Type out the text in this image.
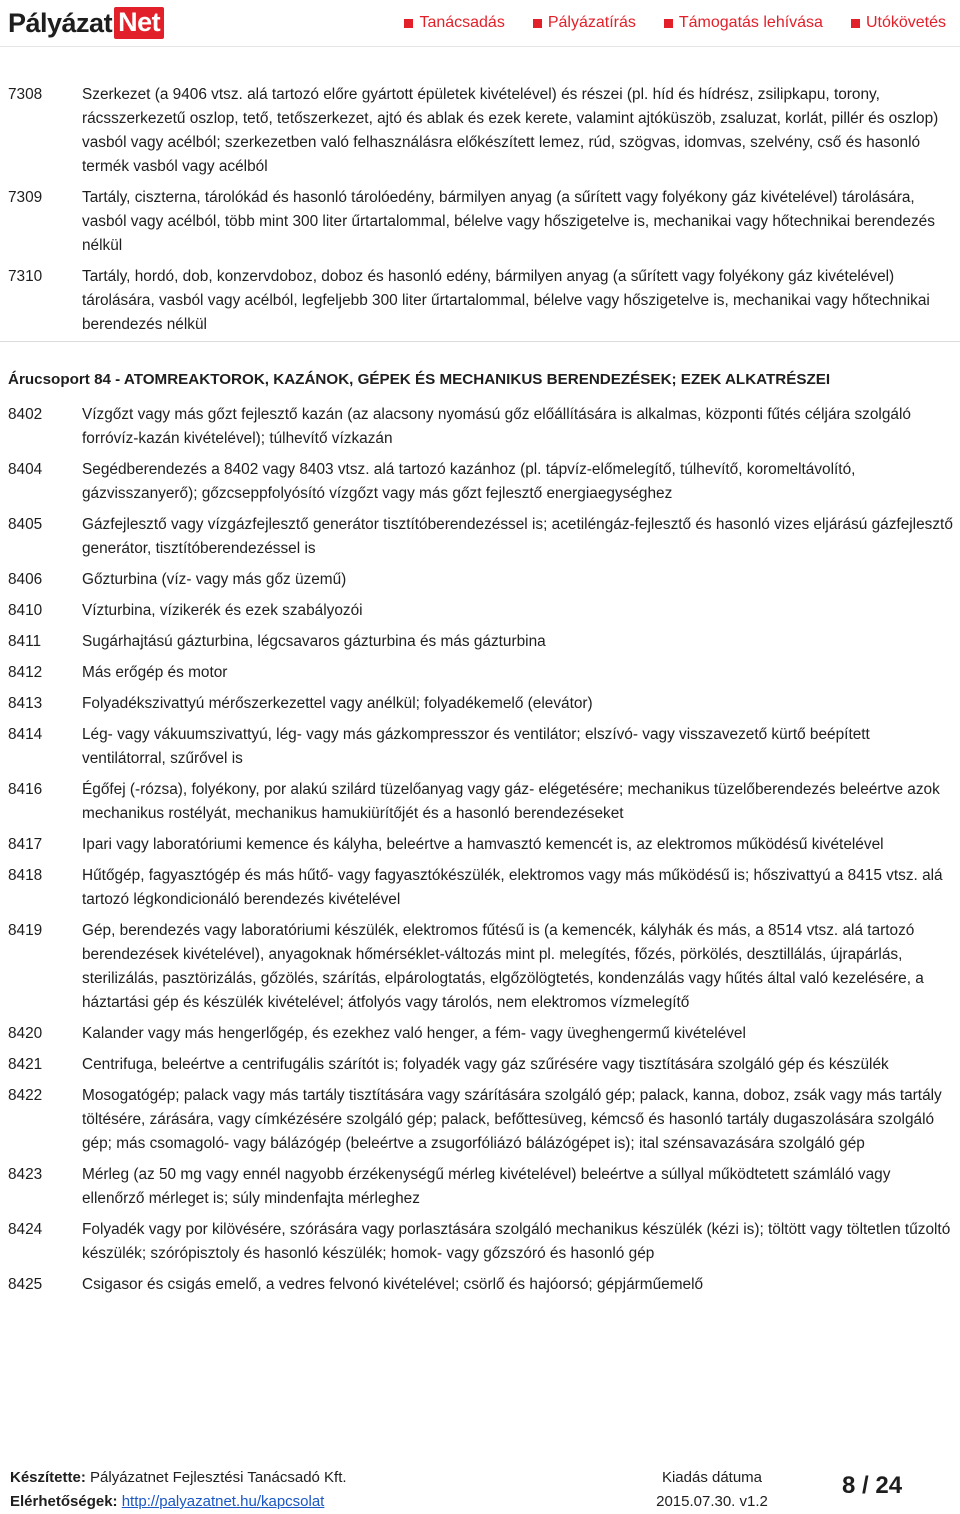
Pályázat Net	Tanácsadás	Pályázatírás	Támogatás lehívása	Utókövetés
7308	Szerkezet (a 9406 vtsz. alá tartozó előre gyártott épületek kivételével) és részei (pl. híd és hídrész, zsilipkapu, torony, rácsszerkezetű oszlop, tető, tetőszerkezet, ajtó és ablak és ezek kerete, valamint ajtóküszöb, zsaluzat, korlát, pillér és oszlop) vasból vagy acélból; szerkezetben való felhasználásra előkészített lemez, rúd, szögvas, idomvas, szelvény, cső és hasonló termék vasból vagy acélból
7309	Tartály, ciszterna, tárolókád és hasonló tárolóedény, bármilyen anyag (a sűrített vagy folyékony gáz kivételével) tárolására, vasból vagy acélból, több mint 300 liter űrtartalommal, bélelve vagy hőszigetelve is, mechanikai vagy hőtechnikai berendezés nélkül
7310	Tartály, hordó, dob, konzervdoboz, doboz és hasonló edény, bármilyen anyag (a sűrített vagy folyékony gáz kivételével) tárolására, vasból vagy acélból, legfeljebb 300 liter űrtartalommal, bélelve vagy hőszigetelve is, mechanikai vagy hőtechnikai berendezés nélkül
Árucsoport 84 - ATOMREAKTOROK, KAZÁNOK, GÉPEK ÉS MECHANIKUS BERENDEZÉSEK; EZEK ALKATRÉSZEI
8402	Vízgőzt vagy más gőzt fejlesztő kazán (az alacsony nyomású gőz előállítására is alkalmas, központi fűtés céljára szolgáló forróvíz-kazán kivételével); túlhevítő vízkazán
8404	Segédberendezés a 8402 vagy 8403 vtsz. alá tartozó kazánhoz (pl. tápvíz-előmelegítő, túlhevítő, koromeltávolító, gázvisszanyerő); gőzcseppfolyósító vízgőzt vagy más gőzt fejlesztő energiaegységhez
8405	Gázfejlesztő vagy vízgázfejlesztő generátor tisztítóberendezéssel is; acetiléngáz-fejlesztő és hasonló vizes eljárású gázfejlesztő generátor, tisztítóberendezéssel is
8406	Gőzturbina (víz- vagy más gőz üzemű)
8410	Vízturbina, vízikerék és ezek szabályozói
8411	Sugárhajtású gázturbina, légcsavaros gázturbina és más gázturbina
8412	Más erőgép és motor
8413	Folyadékszivattyú mérőszerkezettel vagy anélkül; folyadékemelő (elevátor)
8414	Lég- vagy vákuumszivattyú, lég- vagy más gázkompresszor és ventilátor; elszívó- vagy visszavezető kürtő beépített ventilátorral, szűrővel is
8416	Égőfej (-rózsa), folyékony, por alakú szilárd tüzelőanyag vagy gáz- elégetésére; mechanikus tüzelőberendezés beleértve azok mechanikus rostélyát, mechanikus hamukiürítőjét és a hasonló berendezéseket
8417	Ipari vagy laboratóriumi kemence és kályha, beleértve a hamvasztó kemencét is, az elektromos működésű kivételével
8418	Hűtőgép, fagyasztógép és más hűtő- vagy fagyasztókészülék, elektromos vagy más működésű is; hőszivattyú a 8415 vtsz. alá tartozó légkondicionáló berendezés kivételével
8419	Gép, berendezés vagy laboratóriumi készülék, elektromos fűtésű is (a kemencék, kályhák és más, a 8514 vtsz. alá tartozó berendezések kivételével), anyagoknak hőmérséklet-változás mint pl. melegítés, főzés, pörkölés, desztillálás, újrapárlás, sterilizálás, pasztörizálás, gőzölés, szárítás, elpárologtatás, elgőzölögtetés, kondenzálás vagy hűtés által való kezelésére, a háztartási gép és készülék kivételével; átfolyós vagy tárolós, nem elektromos vízmelegítő
8420	Kalander vagy más hengerlőgép, és ezekhez való henger, a fém- vagy üveghengermű kivételével
8421	Centrifuga, beleértve a centrifugális szárítót is; folyadék vagy gáz szűrésére vagy tisztítására szolgáló gép és készülék
8422	Mosogatógép; palack vagy más tartály tisztítására vagy szárítására szolgáló gép; palack, kanna, doboz, zsák vagy más tartály töltésére, zárására, vagy címkézésére szolgáló gép; palack, befőttesüveg, kémcső és hasonló tartály dugaszolására szolgáló gép; más csomagoló- vagy bálázógép (beleértve a zsugorfóliázó bálázógépet is); ital szénsavazására szolgáló gép
8423	Mérleg (az 50 mg vagy ennél nagyobb érzékenységű mérleg kivételével) beleértve a súllyal működtetett számláló vagy ellenőrző mérleget is; súly mindenfajta mérleghez
8424	Folyadék vagy por kilövésére, szórására vagy porlasztására szolgáló mechanikus készülék (kézi is); töltött vagy töltetlen tűzoltó készülék; szórópisztoly és hasonló készülék; homok- vagy gőzszóró és hasonló gép
8425	Csigasor és csigás emelő, a vedres felvonó kivételével; csörlő és hajóorsó; gépjárműemelő
Készítette: Pályázatnet Fejlesztési Tanácsadó Kft.
Elérhetőségek: http://palyazatnet.hu/kapcsolat
Kiadás dátuma
2015.07.30. v1.2
8 / 24
